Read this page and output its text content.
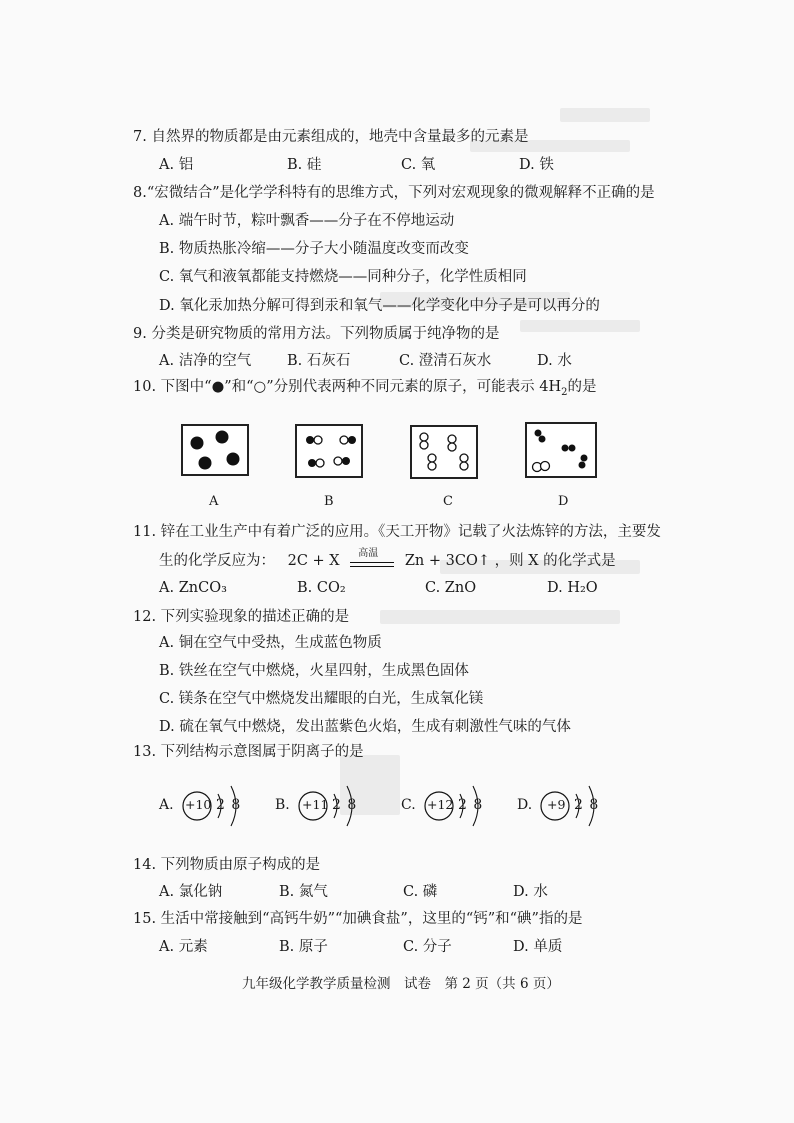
7. 自然界的物质都是由元素组成的，地壳中含量最多的元素是
A. 铝	B. 硅	C. 氧	D. 铁
8.“宏微结合”是化学学科特有的思维方式，下列对宏观现象的微观解释不正确的是
A. 端午时节，粽叶飘香——分子在不停地运动
B. 物质热胀冷缩——分子大小随温度改变而改变
C. 氧气和液氧都能支持燃烧——同种分子，化学性质相同
D. 氧化汞加热分解可得到汞和氧气——化学变化中分子是可以再分的
9. 分类是研究物质的常用方法。下列物质属于纯净物的是
A. 洁净的空气 B. 石灰石	C. 澄清石灰水	D. 水
10. 下图中“●”和“○”分别代表两种不同元素的原子，可能表示 $4H_2$的是
A	B	C	D
11. 锌在工业生产中有着广泛的应用。《天工开物》记载了火法炼锌的方法，主要发
生的化学反应为： 2C + X 高温 Zn + 3CO↑ ，则 X 的化学式是
A. ZnCO₃	B. CO₂	C. ZnO	D. H₂O
12. 下列实验现象的描述正确的是
A. 铜在空气中受热，生成蓝色物质
B. 铁丝在空气中燃烧，火星四射，生成黑色固体
C. 镁条在空气中燃烧发出耀眼的白光，生成氧化镁
D. 硫在氧气中燃烧，发出蓝紫色火焰，生成有刺激性气味的气体
13. 下列结构示意图属于阴离子的是
A. +10 2 8 B. +11 2 8	C. +12 2 8 D. +9 2 8
14. 下列物质由原子构成的是
A. 氯化钠	B. 氮气	C. 磷	D. 水
15. 生活中常接触到“高钙牛奶”“加碘食盐”，这里的“钙”和“碘”指的是
A. 元素	B. 原子	C. 分子	D. 单质
九年级化学教学质量检测　试卷　第 2 页（共 6 页）
